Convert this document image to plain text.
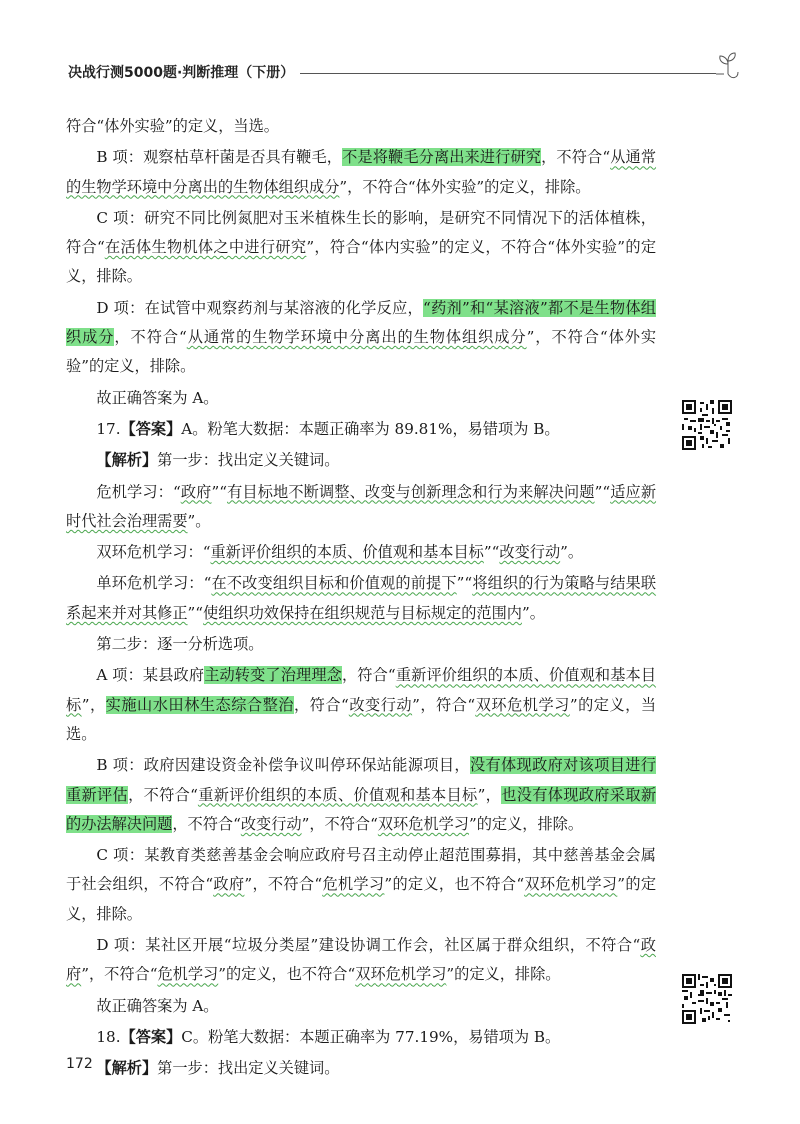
决战行测5000题·判断推理（下册）

符合“体外实验”的定义，当选。

B 项：观察枯草杆菌是否具有鞭毛，不是将鞭毛分离出来进行研究，不符合“从通常的生物学环境中分离出的生物体组织成分”，不符合“体外实验”的定义，排除。

C 项：研究不同比例氮肥对玉米植株生长的影响，是研究不同情况下的活体植株，符合“在活体生物机体之中进行研究”，符合“体内实验”的定义，不符合“体外实验”的定义，排除。

D 项：在试管中观察药剂与某溶液的化学反应，“药剂”和“某溶液”都不是生物体组织成分，不符合“从通常的生物学环境中分离出的生物体组织成分”，不符合“体外实验”的定义，排除。

故正确答案为 A。

17.【答案】A。粉笔大数据：本题正确率为 89.81%，易错项为 B。

【解析】第一步：找出定义关键词。

危机学习：“政府”“有目标地不断调整、改变与创新理念和行为来解决问题”“适应新时代社会治理需要”。

双环危机学习：“重新评价组织的本质、价值观和基本目标”“改变行动”。

单环危机学习：“在不改变组织目标和价值观的前提下”“将组织的行为策略与结果联系起来并对其修正”“使组织功效保持在组织规范与目标规定的范围内”。

第二步：逐一分析选项。

A 项：某县政府主动转变了治理理念，符合“重新评价组织的本质、价值观和基本目标”，实施山水田林生态综合整治，符合“改变行动”，符合“双环危机学习”的定义，当选。

B 项：政府因建设资金补偿争议叫停环保站能源项目，没有体现政府对该项目进行重新评估，不符合“重新评价组织的本质、价值观和基本目标”，也没有体现政府采取新的办法解决问题，不符合“改变行动”，不符合“双环危机学习”的定义，排除。

C 项：某教育类慈善基金会响应政府号召主动停止超范围募捐，其中慈善基金会属于社会组织，不符合“政府”，不符合“危机学习”的定义，也不符合“双环危机学习”的定义，排除。

D 项：某社区开展“垃圾分类屋”建设协调工作会，社区属于群众组织，不符合“政府”，不符合“危机学习”的定义，也不符合“双环危机学习”的定义，排除。

故正确答案为 A。

18.【答案】C。粉笔大数据：本题正确率为 77.19%，易错项为 B。

【解析】第一步：找出定义关键词。

172
